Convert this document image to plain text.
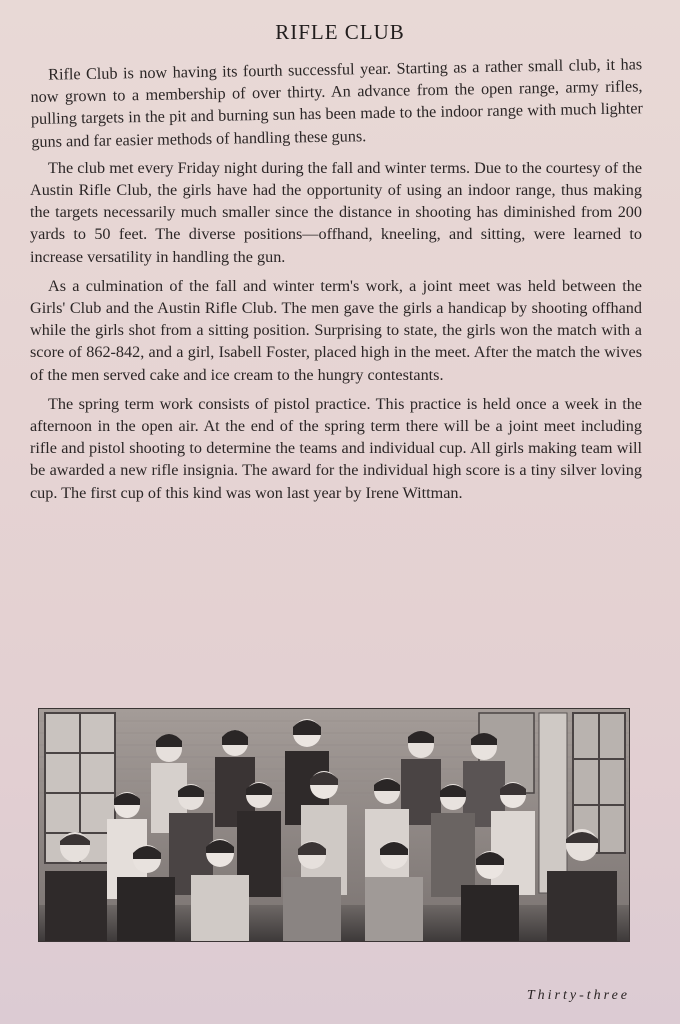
RIFLE CLUB

Rifle Club is now having its fourth successful year. Starting as a rather small club, it has now grown to a membership of over thirty. An advance from the open range, army rifles, pulling targets in the pit and burning sun has been made to the indoor range with much lighter guns and far easier methods of handling these guns.

The club met every Friday night during the fall and winter terms. Due to the courtesy of the Austin Rifle Club, the girls have had the opportunity of using an indoor range, thus making the targets necessarily much smaller since the distance in shooting has diminished from 200 yards to 50 feet. The diverse positions—offhand, kneeling, and sitting, were learned to increase versatility in handling the gun.

As a culmination of the fall and winter term's work, a joint meet was held between the Girls' Club and the Austin Rifle Club. The men gave the girls a handicap by shooting offhand while the girls shot from a sitting position. Surprising to state, the girls won the match with a score of 862-842, and a girl, Isabell Foster, placed high in the meet. After the match the wives of the men served cake and ice cream to the hungry contestants.

The spring term work consists of pistol practice. This practice is held once a week in the afternoon in the open air. At the end of the spring term there will be a joint meet including rifle and pistol shooting to determine the teams and individual cup. All girls making team will be awarded a new rifle insignia. The award for the individual high score is a tiny silver loving cup. The first cup of this kind was won last year by Irene Wittman.

Thirty-three
